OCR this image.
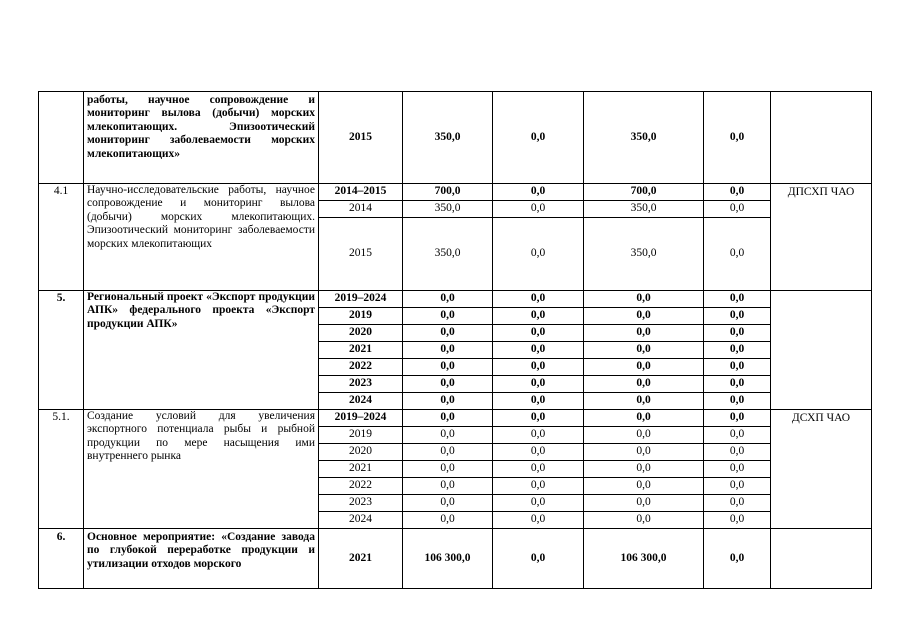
	работы, научное сопровождение и мониторинг вылова (добычи) морских млекопитающих. Эпизоотический мониторинг заболеваемости морских млекопитающих»	2015	350,0	0,0	350,0	0,0	
4.1	Научно-исследовательские работы, научное сопровождение и мониторинг вылова (добычи) морских млекопитающих. Эпизоотический мониторинг заболеваемости морских млекопитающих	2014–2015	700,0	0,0	700,0	0,0	ДПСХП ЧАО
		2014	350,0	0,0	350,0	0,0	
		2015	350,0	0,0	350,0	0,0	
5.	Региональный проект «Экспорт продукции АПК» федерального проекта «Экспорт продукции АПК»	2019–2024	0,0	0,0	0,0	0,0	
		2019	0,0	0,0	0,0	0,0	
		2020	0,0	0,0	0,0	0,0	
		2021	0,0	0,0	0,0	0,0	
		2022	0,0	0,0	0,0	0,0	
		2023	0,0	0,0	0,0	0,0	
		2024	0,0	0,0	0,0	0,0	
5.1.	Создание условий для увеличения экспортного потенциала рыбы и рыбной продукции по мере насыщения ими внутреннего рынка	2019–2024	0,0	0,0	0,0	0,0	ДСХП ЧАО
		2019	0,0	0,0	0,0	0,0	
		2020	0,0	0,0	0,0	0,0	
		2021	0,0	0,0	0,0	0,0	
		2022	0,0	0,0	0,0	0,0	
		2023	0,0	0,0	0,0	0,0	
		2024	0,0	0,0	0,0	0,0	
6.	Основное мероприятие: «Создание завода по глубокой переработке продукции и утилизации отходов морского	2021	106 300,0	0,0	106 300,0	0,0	
